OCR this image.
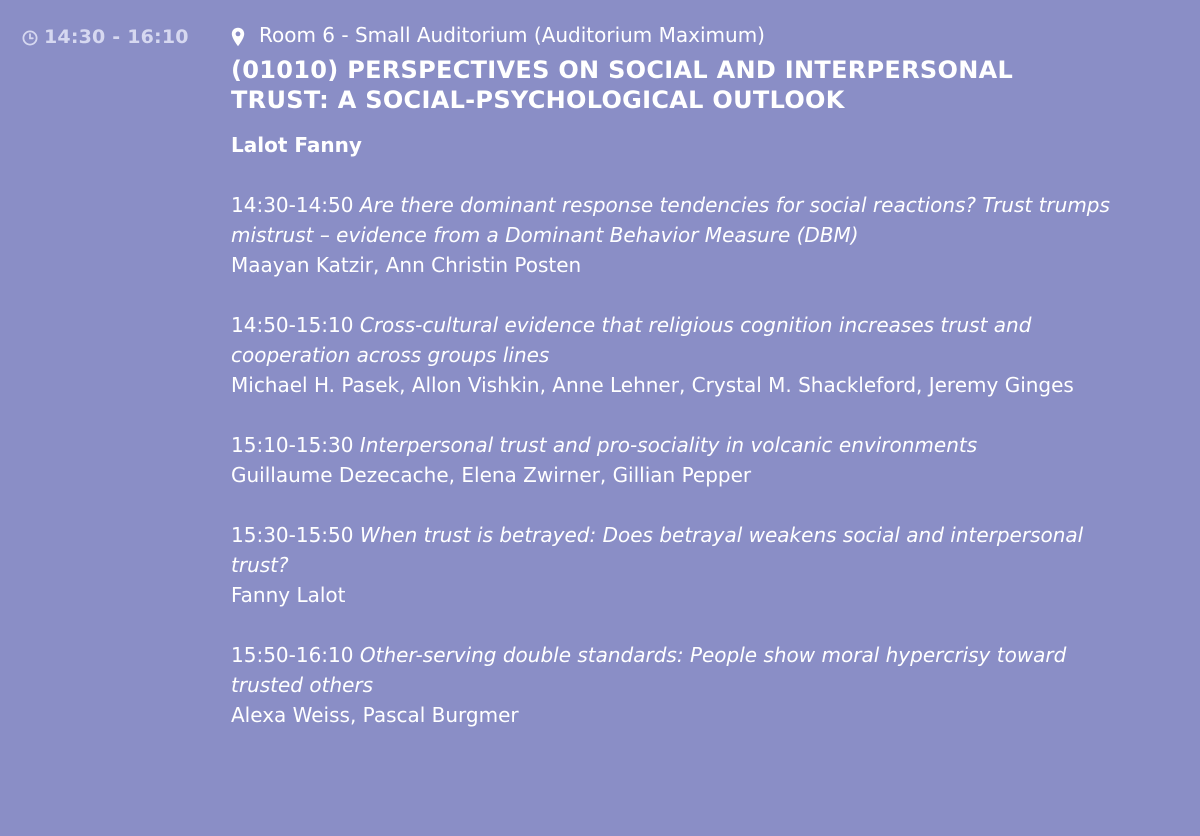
14:30 - 16:10	Room 6 - Small Auditorium (Auditorium Maximum)
(01010) PERSPECTIVES ON SOCIAL AND INTERPERSONAL TRUST: A SOCIAL-PSYCHOLOGICAL OUTLOOK
Lalot Fanny
14:30-14:50 Are there dominant response tendencies for social reactions? Trust trumps mistrust – evidence from a Dominant Behavior Measure (DBM)
Maayan Katzir, Ann Christin Posten
14:50-15:10 Cross-cultural evidence that religious cognition increases trust and cooperation across groups lines
Michael H. Pasek, Allon Vishkin, Anne Lehner, Crystal M. Shackleford, Jeremy Ginges
15:10-15:30 Interpersonal trust and pro-sociality in volcanic environments
Guillaume Dezecache, Elena Zwirner, Gillian Pepper
15:30-15:50 When trust is betrayed: Does betrayal weakens social and interpersonal trust?
Fanny Lalot
15:50-16:10 Other-serving double standards: People show moral hypercrisy toward trusted others
Alexa Weiss, Pascal Burgmer
